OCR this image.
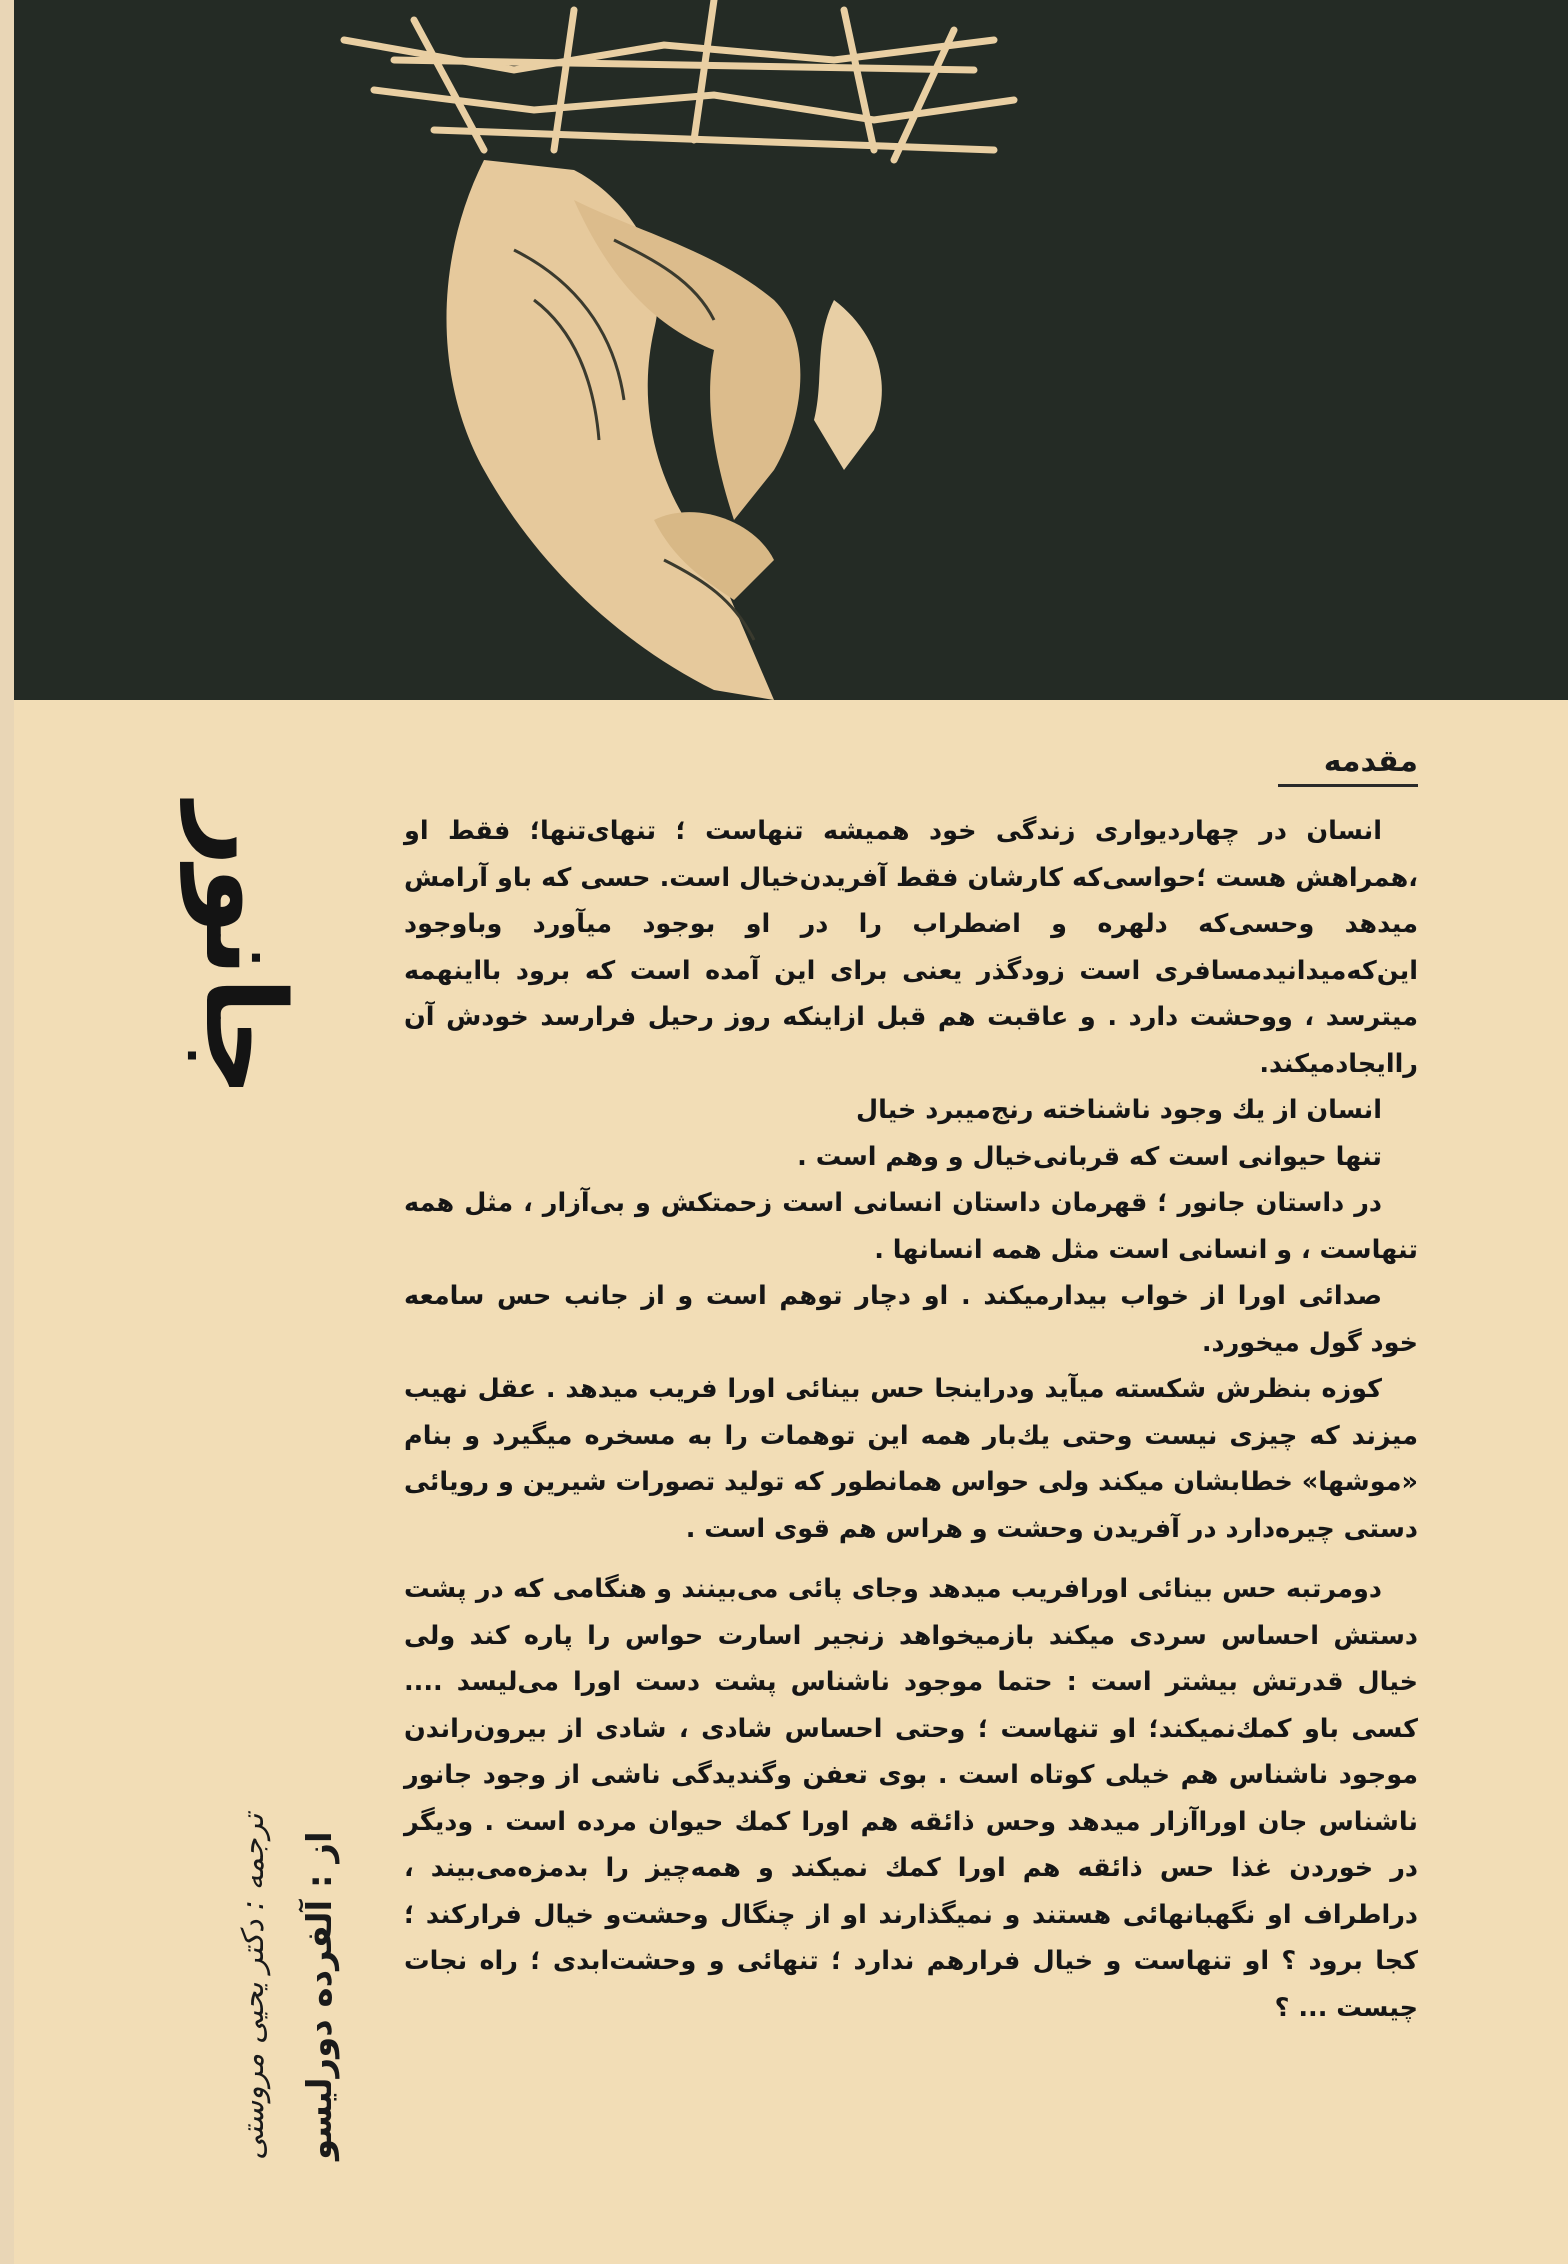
جانور
از : آلفرده دورلیسو
ترجمه : دکتر یحیی مروستی
مقدمه

انسان در چهاردیواری زندگی خود همیشه تنهاست ؛ تنهای‌تنها؛ فقط او ،همراهش هست ؛حواسی‌که کارشان فقط آفریدن‌خیال است. حسی که باو آرامش میدهد وحسی‌که دلهره و اضطراب را در او بوجود میآورد وباوجود این‌که‌میدانیدمسافری است زودگذر یعنی برای این آمده است که برود بااینهمه میترسد ، ووحشت دارد . و عاقبت هم قبل ازاینکه روز رحیل فرارسد خودش آن راایجادمیکند.

انسان از یك وجود ناشناخته رنج‌میبرد خیال

تنها حیوانی است که قربانی‌خیال و وهم است .

در داستان جانور ؛ قهرمان داستان انسانی است زحمتکش و بی‌آزار ، مثل همه تنهاست ، و انسانی است مثل همه انسانها .

صدائی اورا از خواب بیدارمیکند . او دچار توهم است و از جانب حس سامعه خود گول میخورد.

کوزه بنظرش شکسته میآید ودراینجا حس بینائی اورا فریب میدهد . عقل نهیب میزند که چیزی نیست وحتی یك‌بار همه این توهمات را به مسخره میگیرد و بنام «موشها» خطابشان میکند ولی حواس همانطور که تولید تصورات شیرین و رویائی دستی چیره‌دارد در آفریدن وحشت و هراس هم قوی است .

دومرتبه حس بینائی اورافریب میدهد وجای پائی می‌بینند و هنگامی که در پشت دستش احساس سردی میکند بازمیخواهد زنجیر اسارت حواس را پاره کند ولی خیال قدرتش بیشتر است : حتما موجود ناشناس پشت دست اورا می‌لیسد .... کسی باو کمك‌نمیکند؛ او تنهاست ؛ وحتی احساس شادی ، شادی از بیرون‌راندن موجود ناشناس هم خیلی کوتاه است . بوی تعفن وگندیدگی ناشی از وجود جانور ناشناس جان اوراآزار میدهد وحس ذائقه هم اورا کمك حیوان مرده است . ودیگر در خوردن غذا حس ذائقه هم اورا کمك نمیکند و همه‌چیز را بدمزه‌می‌بیند ، دراطراف او نگهبانهائی هستند و نمیگذارند او از چنگال وحشت‌و خیال فرارکند ؛ کجا برود ؟ او تنهاست و خیال فرارهم ندارد ؛ تنهائی و وحشت‌ابدی ؛ راه نجات چیست ... ؟
